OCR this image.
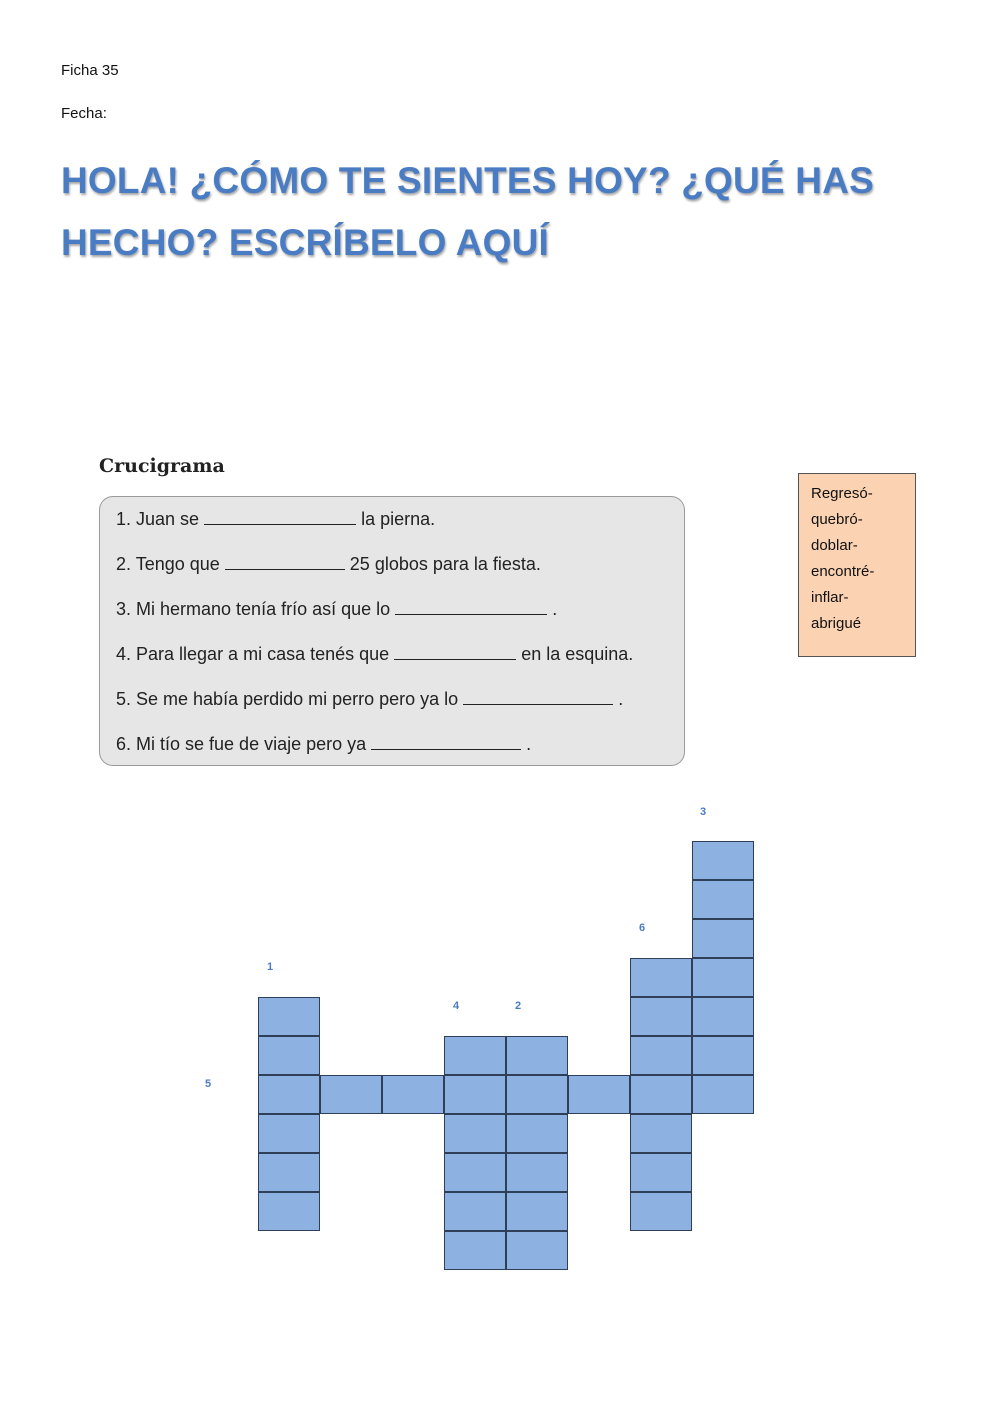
Ficha 35
Fecha:
HOLA! ¿CÓMO TE SIENTES HOY? ¿QUÉ HAS
HECHO? ESCRÍBELO AQUÍ
Crucigrama
1. Juan se	la pierna.
2. Tengo que	25 globos para la fiesta.
3. Mi hermano tenía frío así que lo	.
4. Para llegar a mi casa tenés que	en la esquina.
5. Se me había perdido mi perro pero ya lo	.
6. Mi tío se fue de viaje pero ya	.
Regresó-
quebró-
doblar-
encontré-
inflar-
abrigué
1
2
3
4
5
6
